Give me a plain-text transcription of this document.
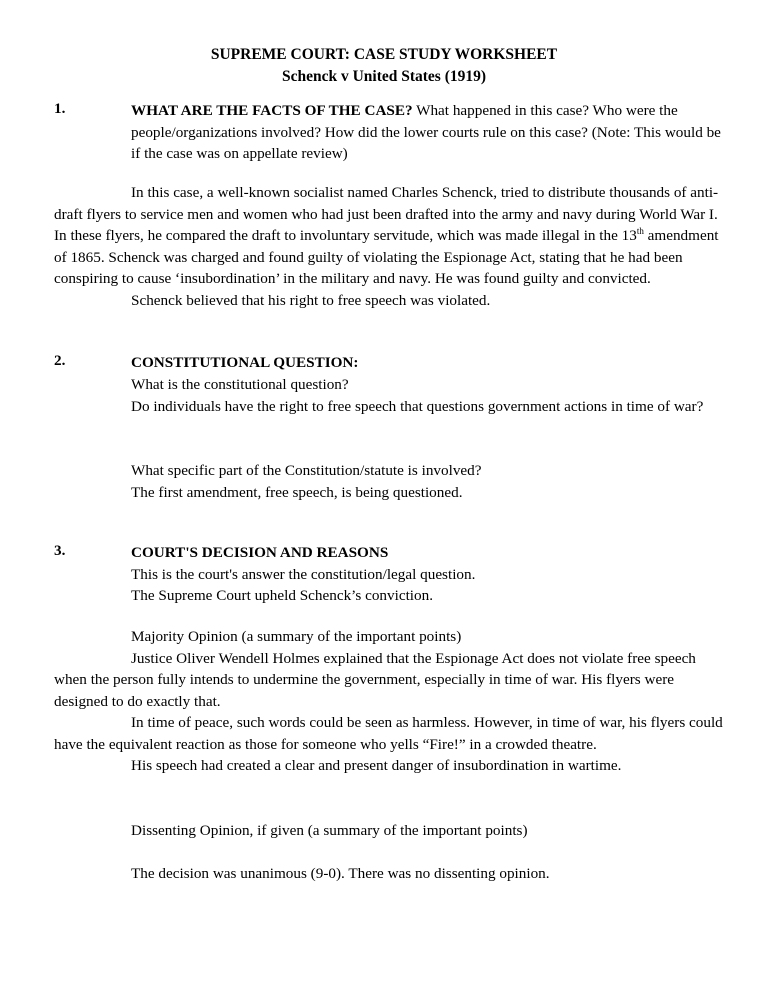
SUPREME COURT: CASE STUDY WORKSHEET
Schenck v United States (1919)
1.	WHAT ARE THE FACTS OF THE CASE? What happened in this case? Who were the people/organizations involved? How did the lower courts rule on this case? (Note: This would be if the case was on appellate review)

In this case, a well-known socialist named Charles Schenck, tried to distribute thousands of anti-draft flyers to service men and women who had just been drafted into the army and navy during World War I. In these flyers, he compared the draft to involuntary servitude, which was made illegal in the 13th amendment of 1865. Schenck was charged and found guilty of violating the Espionage Act, stating that he had been conspiring to cause ‘insubordination’ in the military and navy. He was found guilty and convicted.

Schenck believed that his right to free speech was violated.

2.	CONSTITUTIONAL QUESTION:

What is the constitutional question?

Do individuals have the right to free speech that questions government actions in time of war?

What specific part of the Constitution/statute is involved?

The first amendment, free speech, is being questioned.

3.	COURT'S DECISION AND REASONS

This is the court's answer the constitution/legal question.

The Supreme Court upheld Schenck’s conviction.

Majority Opinion (a summary of the important points)

Justice Oliver Wendell Holmes explained that the Espionage Act does not violate free speech when the person fully intends to undermine the government, especially in time of war. His flyers were designed to do exactly that.

In time of peace, such words could be seen as harmless. However, in time of war, his flyers could have the equivalent reaction as those for someone who yells “Fire!” in a crowded theatre.

His speech had created a clear and present danger of insubordination in wartime.

Dissenting Opinion, if given (a summary of the important points)

The decision was unanimous (9-0). There was no dissenting opinion.
